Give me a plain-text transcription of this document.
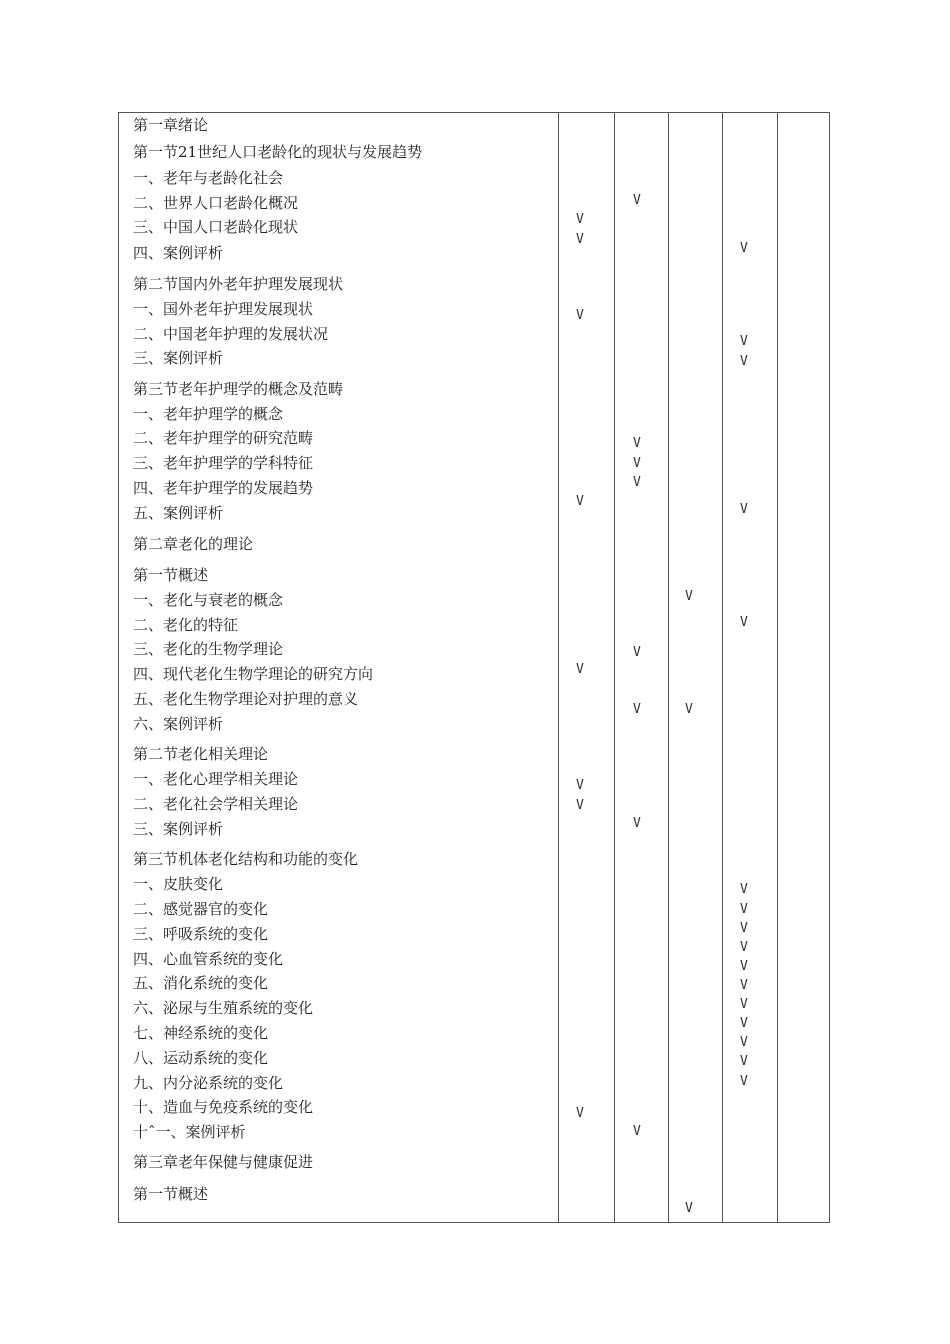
第一章绪论
第一节21世纪人口老龄化的现状与发展趋势
一、老年与老龄化社会
二、世界人口老龄化概况
三、中国人口老龄化现状
四、案例评析
第二节国内外老年护理发展现状
一、国外老年护理发展现状
二、中国老年护理的发展状况
三、案例评析
第三节老年护理学的概念及范畴
一、老年护理学的概念
二、老年护理学的研究范畴
三、老年护理学的学科特征
四、老年护理学的发展趋势
五、案例评析
第二章老化的理论
第一节概述
一、老化与衰老的概念
二、老化的特征
三、老化的生物学理论
四、现代老化生物学理论的研究方向
五、老化生物学理论对护理的意义
六、案例评析
第二节老化相关理论
一、老化心理学相关理论
二、老化社会学相关理论
三、案例评析
第三节机体老化结构和功能的变化
一、皮肤变化
二、感觉器官的变化
三、呼吸系统的变化
四、心血管系统的变化
五、消化系统的变化
六、泌尿与生殖系统的变化
七、神经系统的变化
八、运动系统的变化
九、内分泌系统的变化
十、造血与免疫系统的变化
十ˆ一、案例评析
第三章老年保健与健康促进
第一节概述
V
V
V
V
V
V
V
V
V
V
V
V
V
V
V
V
V	V
V
V
V
V
V
V
V
V
V
V
V
V
V
V
V
V
V
